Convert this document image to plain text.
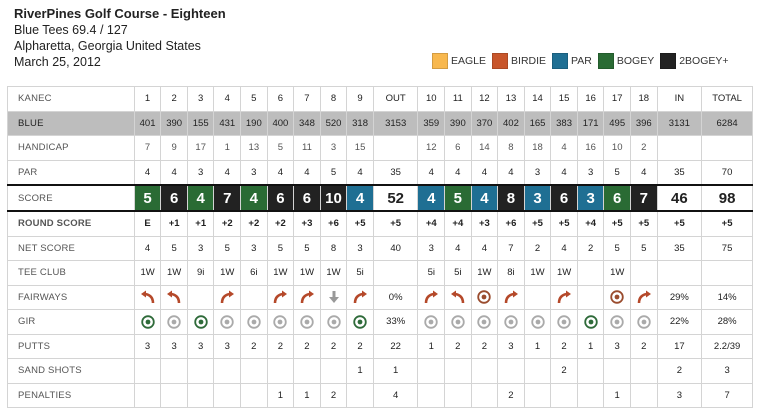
RiverPines Golf Course - Eighteen
Blue Tees 69.4 / 127
Alpharetta, Georgia United States
March 25, 2012	EAGLE BIRDIE PAR BOGEY 2BOGEY+
KANEC	1	2	3	4	5	6	7	8	9	OUT	10	11	12	13	14	15	16	17	18	IN	TOTAL
BLUE	401	390	155	431	190	400	348	520	318	3153	359	390	370	402	165	383	171	495	396	3131	6284
HANDICAP	7	9	17	1	13	5	11	3	15		12	6	14	8	18	4	16	10	2		
PAR	4	4	3	4	3	4	4	5	4	35	4	4	4	4	3	4	3	5	4	35	70
SCORE	5	6	4	7	4	6	6	10	4	52	4	5	4	8	3	6	3	6	7	46	98
ROUND SCORE	E	+1	+1	+2	+2	+2	+3	+6	+5	+5	+4	+4	+3	+6	+5	+5	+4	+5	+5	+5	+5
NET SCORE	4	5	3	5	3	5	5	8	3	40	3	4	4	7	2	4	2	5	5	35	75
TEE CLUB	1W	1W	9i	1W	6i	1W	1W	1W	5i		5i	5i	1W	8i	1W	1W		1W			
FAIRWAYS										0%										29%	14%
GIR										33%										22%	28%
PUTTS	3	3	3	3	2	2	2	2	2	22	1	2	2	3	1	2	1	3	2	17	2.2/39
SAND SHOTS									1	1						2				2	3
PENALTIES						1	1	2		4				2				1		3	7
